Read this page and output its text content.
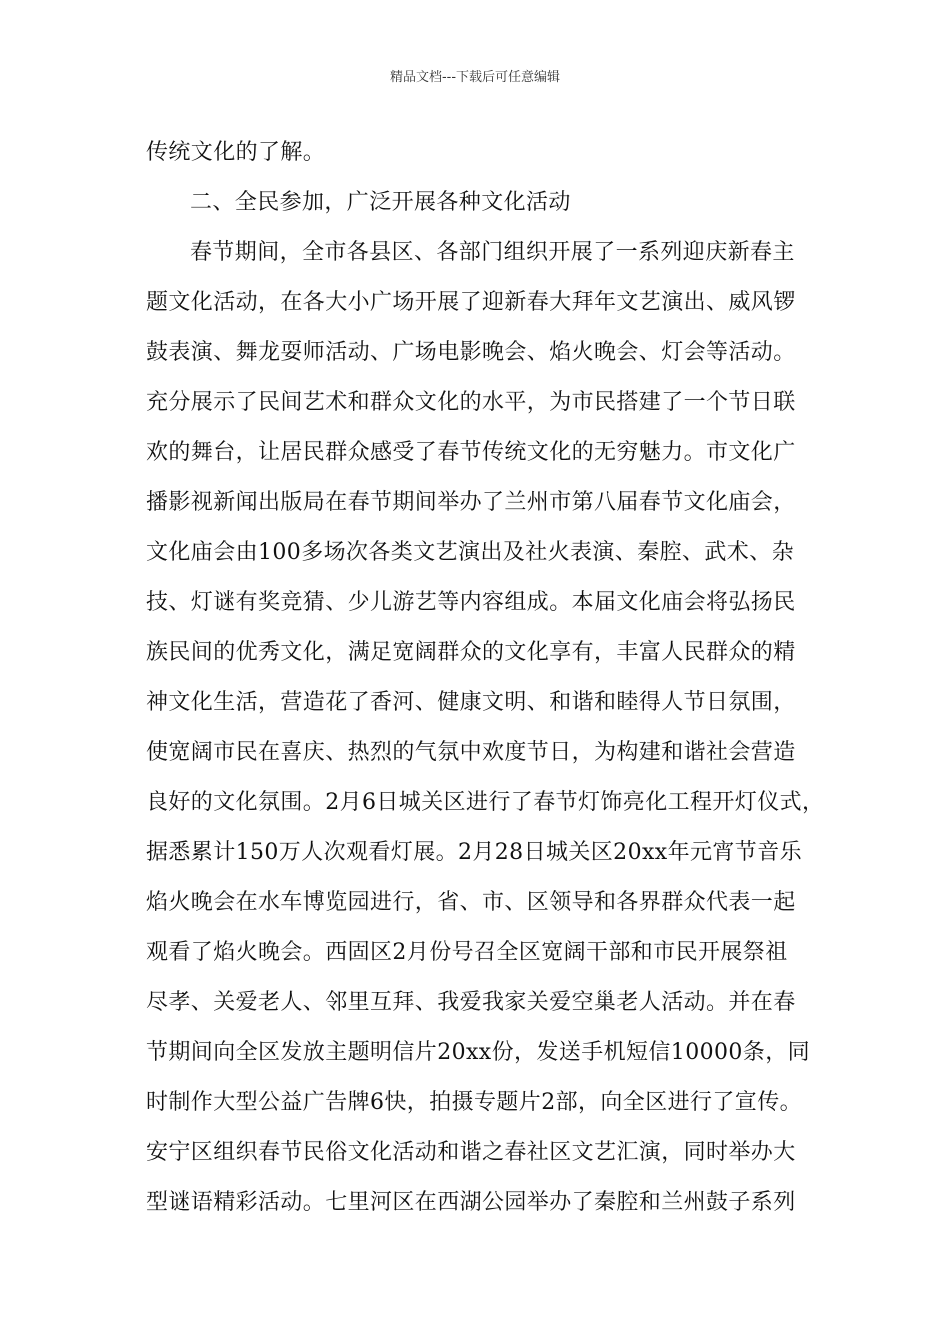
精品文档---下载后可任意编辑
传统文化的了解。
二、全民参加，广泛开展各种文化活动
春节期间，全市各县区、各部门组织开展了一系列迎庆新春主
题文化活动，在各大小广场开展了迎新春大拜年文艺演出、威风锣
鼓表演、舞龙耍师活动、广场电影晚会、焰火晚会、灯会等活动。
充分展示了民间艺术和群众文化的水平，为市民搭建了一个节日联
欢的舞台，让居民群众感受了春节传统文化的无穷魅力。市文化广
播影视新闻出版局在春节期间举办了兰州市第八届春节文化庙会，
文化庙会由100多场次各类文艺演出及社火表演、秦腔、武术、杂
技、灯谜有奖竞猜、少儿游艺等内容组成。本届文化庙会将弘扬民
族民间的优秀文化，满足宽阔群众的文化享有，丰富人民群众的精
神文化生活，营造花了香河、健康文明、和谐和睦得人节日氛围，
使宽阔市民在喜庆、热烈的气氛中欢度节日，为构建和谐社会营造
良好的文化氛围。2月6日城关区进行了春节灯饰亮化工程开灯仪式，
据悉累计150万人次观看灯展。2月28日城关区20xx年元宵节音乐
焰火晚会在水车博览园进行，省、市、区领导和各界群众代表一起
观看了焰火晚会。西固区2月份号召全区宽阔干部和市民开展祭祖
尽孝、关爱老人、邻里互拜、我爱我家关爱空巢老人活动。并在春
节期间向全区发放主题明信片20xx份，发送手机短信10000条，同
时制作大型公益广告牌6快，拍摄专题片2部，向全区进行了宣传。
安宁区组织春节民俗文化活动和谐之春社区文艺汇演，同时举办大
型谜语精彩活动。七里河区在西湖公园举办了秦腔和兰州鼓子系列
